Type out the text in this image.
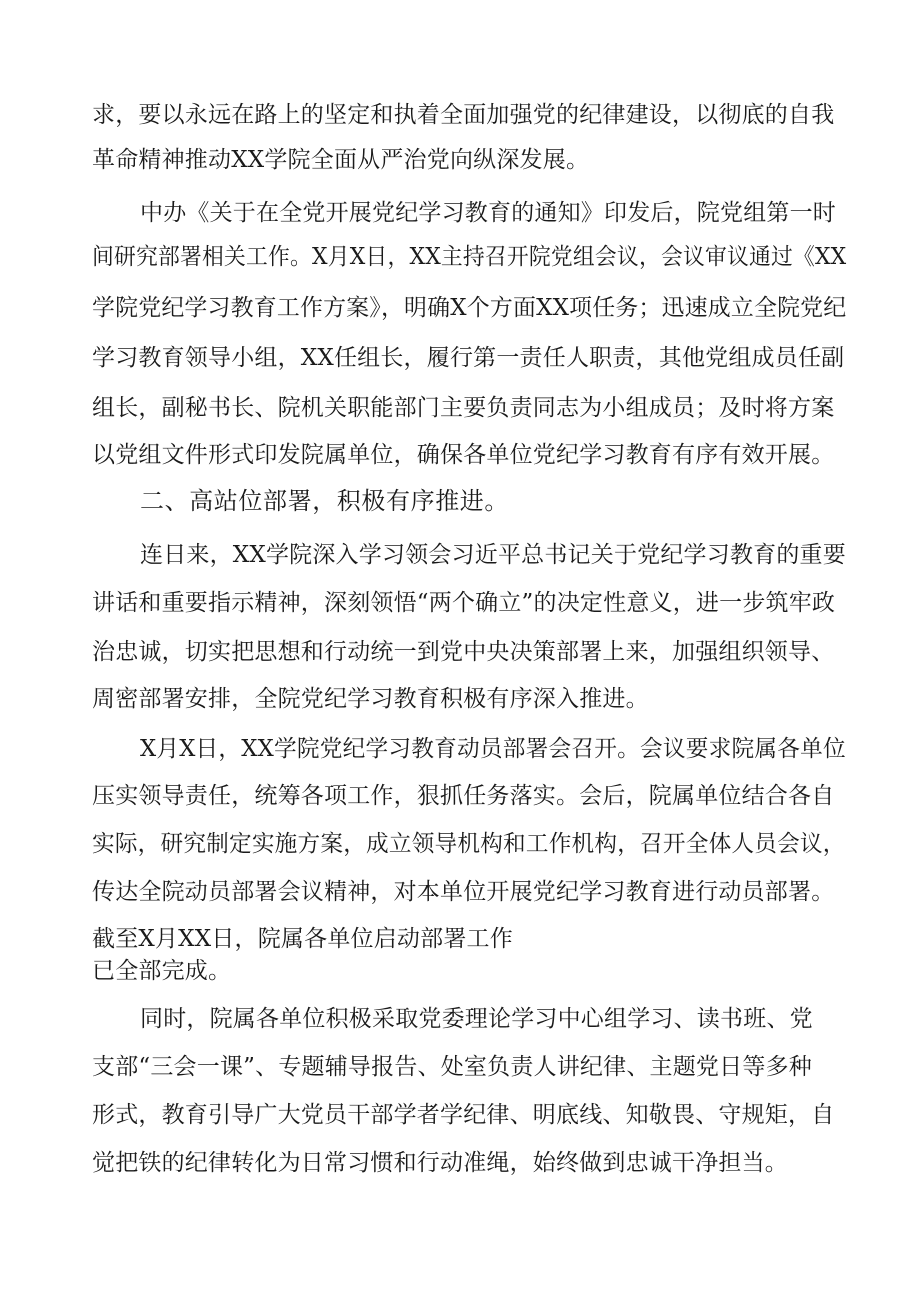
求，要以永远在路上的坚定和执着全面加强党的纪律建设，以彻底的自我
革命精神推动XX学院全面从严治党向纵深发展。
中办《关于在全党开展党纪学习教育的通知》印发后，院党组第一时
间研究部署相关工作。X月X日，XX主持召开院党组会议，会议审议通过《XX
学院党纪学习教育工作方案》，明确X个方面XX项任务；迅速成立全院党纪
学习教育领导小组，XX任组长，履行第一责任人职责，其他党组成员任副
组长，副秘书长、院机关职能部门主要负责同志为小组成员；及时将方案
以党组文件形式印发院属单位，确保各单位党纪学习教育有序有效开展。
二、高站位部署，积极有序推进。
连日来，XX学院深入学习领会习近平总书记关于党纪学习教育的重要
讲话和重要指示精神，深刻领悟“两个确立”的决定性意义，进一步筑牢政
治忠诚，切实把思想和行动统一到党中央决策部署上来，加强组织领导、
周密部署安排，全院党纪学习教育积极有序深入推进。
X月X日，XX学院党纪学习教育动员部署会召开。会议要求院属各单位
压实领导责任，统筹各项工作，狠抓任务落实。会后，院属单位结合各自
实际，研究制定实施方案，成立领导机构和工作机构，召开全体人员会议，
传达全院动员部署会议精神，对本单位开展党纪学习教育进行动员部署。
截至X月XX日，院属各单位启动部署工作
已全部完成。
同时，院属各单位积极采取党委理论学习中心组学习、读书班、党
支部“三会一课”、专题辅导报告、处室负责人讲纪律、主题党日等多种
形式，教育引导广大党员干部学者学纪律、明底线、知敬畏、守规矩，自
觉把铁的纪律转化为日常习惯和行动准绳，始终做到忠诚干净担当。
